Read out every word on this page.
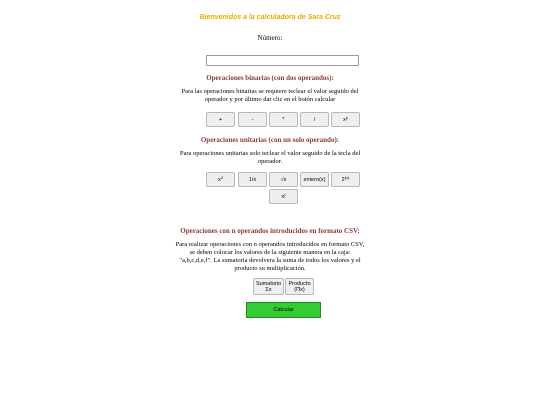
Bienvenidos a la calculadora de Sara Cruz
Número:
Operaciones binarias (con dos operandos):
Para las operaciones binarias se requiere teclear el valor seguido del operador y por último dar clic en el botón calcular
+	-	*	/	$x^y$
Operaciones unitarias (con un solo operando):
Para operaciones unitarias solo teclear el valor seguido de la tecla del operador.
$x^2$	1/x	√x	entero(x)	2$^{(x)}$
x!
Operaciones con n operandos introducidos en formato CSV:
Para realizar operaciones con n operandos introducidos en formato CSV, se deben colocar los valores de la siguiente manera en la caja: "a,b,c,d,e,f". La sumatoria devolvera la suma de todos los valores y el producto su multiplicación.
Sumatorio
Σx
Producto
(Πx)
Calcular
